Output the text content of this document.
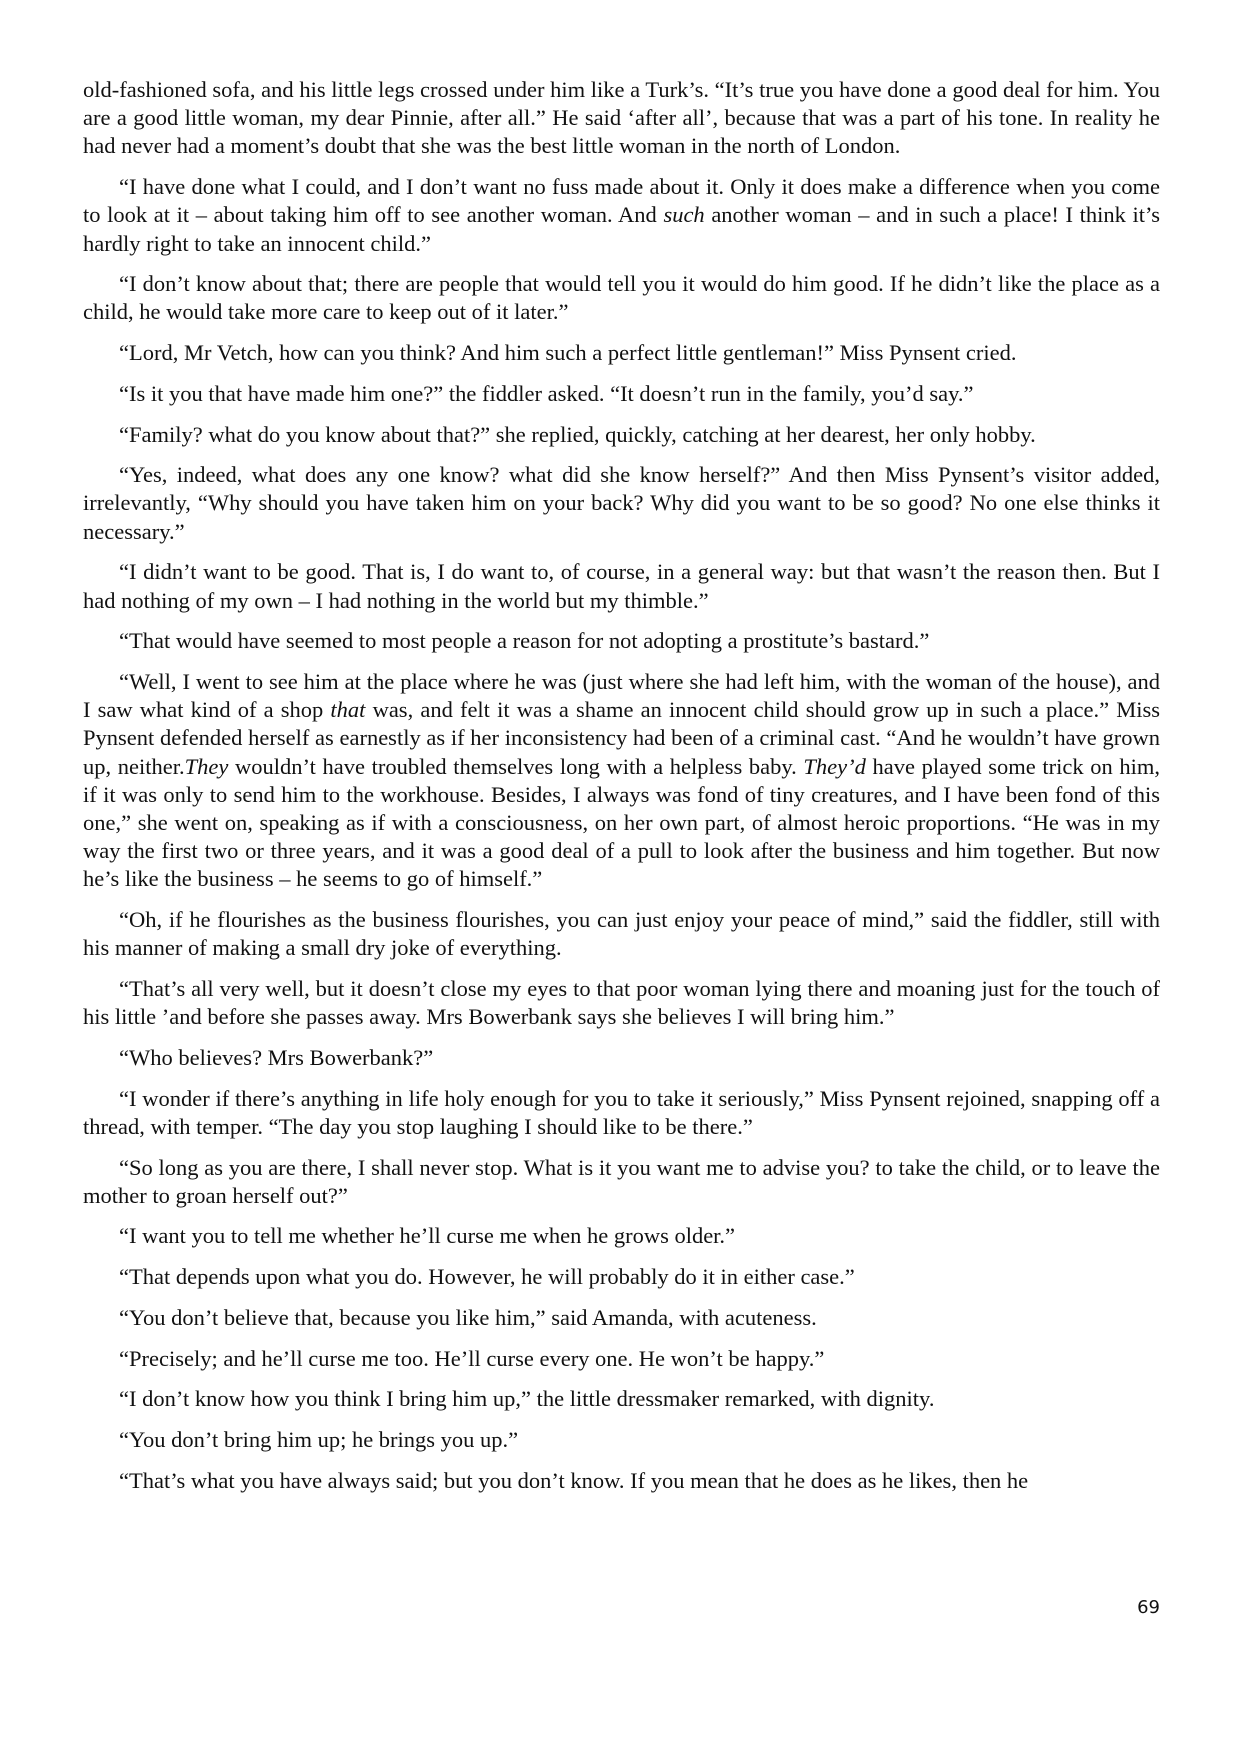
old-fashioned sofa, and his little legs crossed under him like a Turk’s. “It’s true you have done a good deal for him. You are a good little woman, my dear Pinnie, after all.” He said ‘after all’, because that was a part of his tone. In reality he had never had a moment’s doubt that she was the best little woman in the north of London.

“I have done what I could, and I don’t want no fuss made about it. Only it does make a difference when you come to look at it – about taking him off to see another woman. And such another woman – and in such a place! I think it’s hardly right to take an innocent child.”

“I don’t know about that; there are people that would tell you it would do him good. If he didn’t like the place as a child, he would take more care to keep out of it later.”

“Lord, Mr Vetch, how can you think? And him such a perfect little gentleman!” Miss Pynsent cried.

“Is it you that have made him one?” the fiddler asked. “It doesn’t run in the family, you’d say.”

“Family? what do you know about that?” she replied, quickly, catching at her dearest, her only hobby.

“Yes, indeed, what does any one know? what did she know herself?” And then Miss Pynsent’s visitor added, irrelevantly, “Why should you have taken him on your back? Why did you want to be so good? No one else thinks it necessary.”

“I didn’t want to be good. That is, I do want to, of course, in a general way: but that wasn’t the reason then. But I had nothing of my own – I had nothing in the world but my thimble.”

“That would have seemed to most people a reason for not adopting a prostitute’s bastard.”

“Well, I went to see him at the place where he was (just where she had left him, with the woman of the house), and I saw what kind of a shop that was, and felt it was a shame an innocent child should grow up in such a place.” Miss Pynsent defended herself as earnestly as if her inconsistency had been of a criminal cast. “And he wouldn’t have grown up, neither.They wouldn’t have troubled themselves long with a helpless baby. They’d have played some trick on him, if it was only to send him to the workhouse. Besides, I always was fond of tiny creatures, and I have been fond of this one,” she went on, speaking as if with a consciousness, on her own part, of almost heroic proportions. “He was in my way the first two or three years, and it was a good deal of a pull to look after the business and him together. But now he’s like the business – he seems to go of himself.”

“Oh, if he flourishes as the business flourishes, you can just enjoy your peace of mind,” said the fiddler, still with his manner of making a small dry joke of everything.

“That’s all very well, but it doesn’t close my eyes to that poor woman lying there and moaning just for the touch of his little ’and before she passes away. Mrs Bowerbank says she believes I will bring him.”

“Who believes? Mrs Bowerbank?”

“I wonder if there’s anything in life holy enough for you to take it seriously,” Miss Pynsent rejoined, snapping off a thread, with temper. “The day you stop laughing I should like to be there.”

“So long as you are there, I shall never stop. What is it you want me to advise you? to take the child, or to leave the mother to groan herself out?”

“I want you to tell me whether he’ll curse me when he grows older.”

“That depends upon what you do. However, he will probably do it in either case.”

“You don’t believe that, because you like him,” said Amanda, with acuteness.

“Precisely; and he’ll curse me too. He’ll curse every one. He won’t be happy.”

“I don’t know how you think I bring him up,” the little dressmaker remarked, with dignity.

“You don’t bring him up; he brings you up.”

“That’s what you have always said; but you don’t know. If you mean that he does as he likes, then he

69
